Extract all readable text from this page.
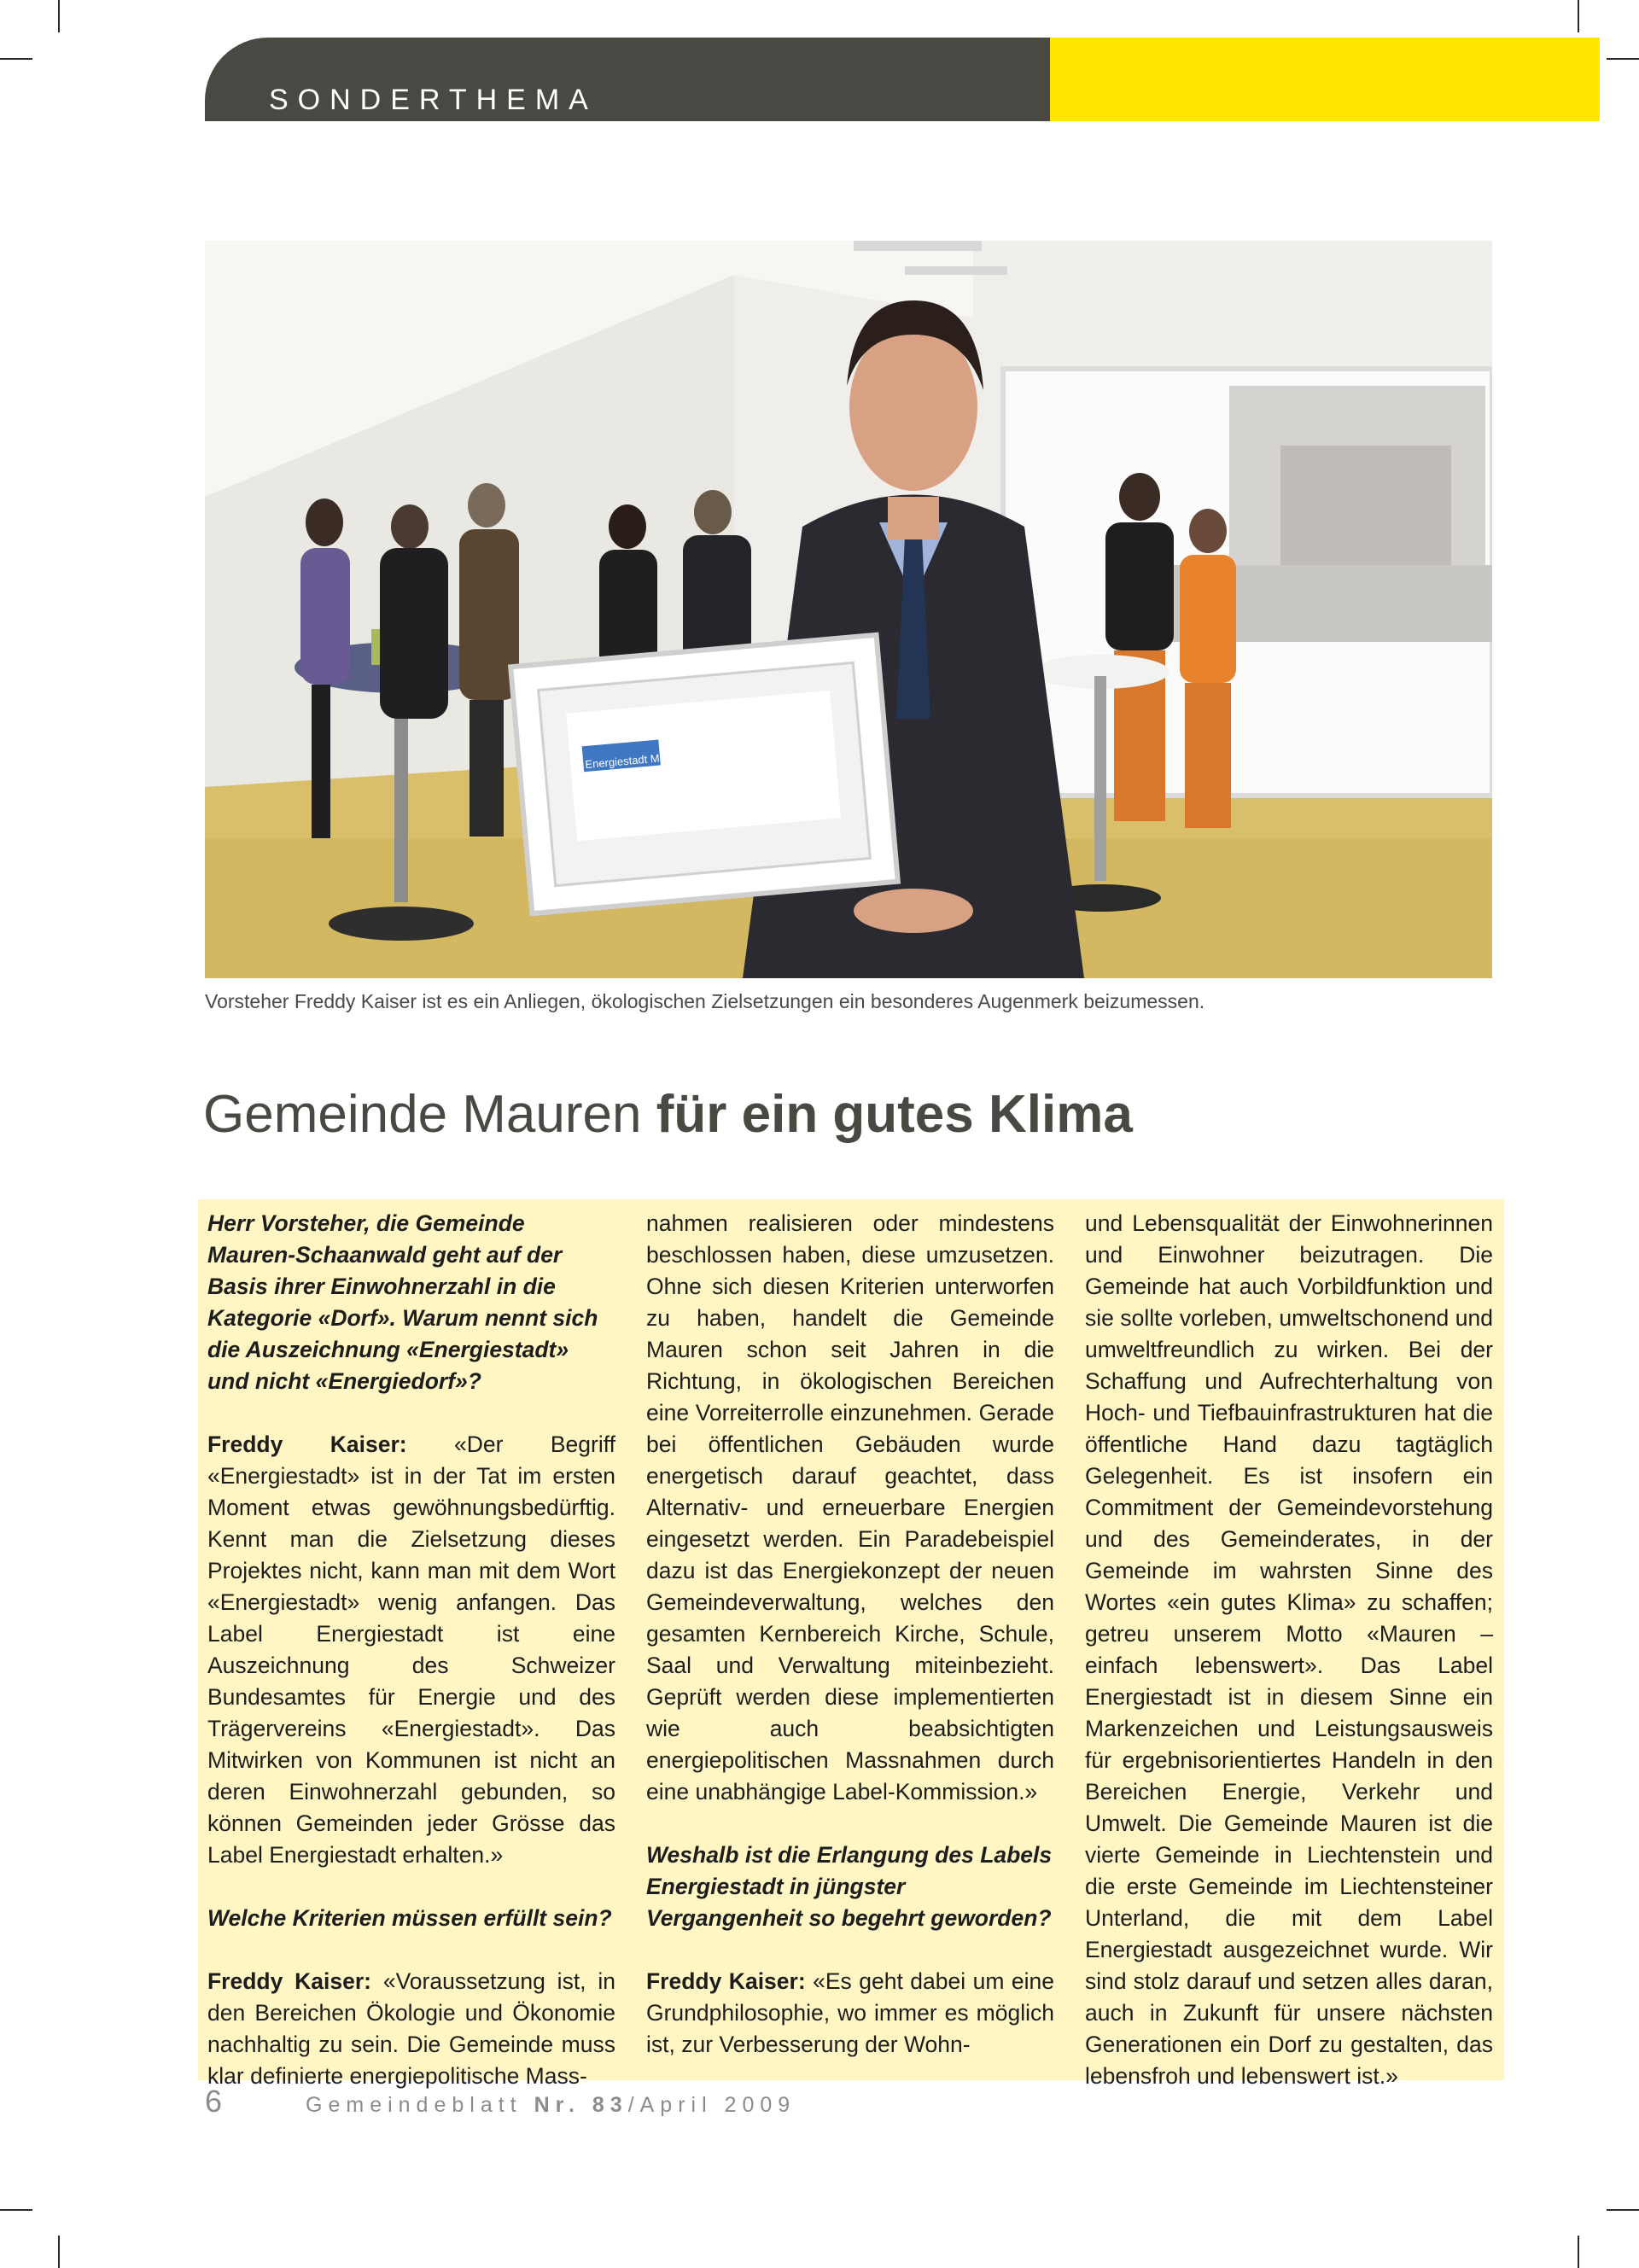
SONDERTHEMA
Energiestadt Mauren
Vorsteher Freddy Kaiser ist es ein Anliegen, ökologischen Zielsetzungen ein besonderes Augenmerk beizumessen.
Gemeinde Mauren für ein gutes Klima

Herr Vorsteher, die Gemeinde Mauren-Schaanwald geht auf der Basis ihrer Einwohnerzahl in die Kategorie «Dorf». Warum nennt sich die Auszeichnung «Energiestadt» und nicht «Energiedorf»?

Freddy Kaiser: «Der Begriff «Energiestadt» ist in der Tat im ersten Moment etwas gewöhnungsbedürftig. Kennt man die Zielsetzung dieses Projektes nicht, kann man mit dem Wort «Energiestadt» wenig anfangen. Das Label Energiestadt ist eine Auszeichnung des Schweizer Bundesamtes für Energie und des Trägervereins «Energiestadt». Das Mitwirken von Kommunen ist nicht an deren Einwohnerzahl gebunden, so können Gemeinden jeder Grösse das Label Energiestadt erhalten.»

Welche Kriterien müssen erfüllt sein?

Freddy Kaiser: «Voraussetzung ist, in den Bereichen Ökologie und Ökonomie nachhaltig zu sein. Die Gemeinde muss klar definierte energiepolitische Mass-

nahmen realisieren oder mindestens beschlossen haben, diese umzusetzen. Ohne sich diesen Kriterien unterworfen zu haben, handelt die Gemeinde Mauren schon seit Jahren in die Richtung, in ökologischen Bereichen eine Vorreiterrolle einzunehmen. Gerade bei öffentlichen Gebäuden wurde energetisch darauf geachtet, dass Alternativ- und erneuerbare Energien eingesetzt werden. Ein Paradebeispiel dazu ist das Energiekonzept der neuen Gemeindeverwaltung, welches den gesamten Kernbereich Kirche, Schule, Saal und Verwaltung miteinbezieht. Geprüft werden diese implementierten wie auch beabsichtigten energiepolitischen Massnahmen durch eine unabhängige Label-Kommission.»

Weshalb ist die Erlangung des Labels Energiestadt in jüngster Vergangenheit so begehrt geworden?

Freddy Kaiser: «Es geht dabei um eine Grundphilosophie, wo immer es möglich ist, zur Verbesserung der Wohn-

und Lebensqualität der Einwohnerinnen und Einwohner beizutragen. Die Gemeinde hat auch Vorbildfunktion und sie sollte vorleben, umweltschonend und umweltfreundlich zu wirken. Bei der Schaffung und Aufrechterhaltung von Hoch- und Tiefbauinfrastrukturen hat die öffentliche Hand dazu tagtäglich Gelegenheit. Es ist insofern ein Commitment der Gemeindevorstehung und des Gemeinderates, in der Gemeinde im wahrsten Sinne des Wortes «ein gutes Klima» zu schaffen; getreu unserem Motto «Mauren – einfach lebenswert». Das Label Energiestadt ist in diesem Sinne ein Markenzeichen und Leistungsausweis für ergebnisorientiertes Handeln in den Bereichen Energie, Verkehr und Umwelt. Die Gemeinde Mauren ist die vierte Gemeinde in Liechtenstein und die erste Gemeinde im Liechtensteiner Unterland, die mit dem Label Energiestadt ausgezeichnet wurde. Wir sind stolz darauf und setzen alles daran, auch in Zukunft für unsere nächsten Generationen ein Dorf zu gestalten, das lebensfroh und lebenswert ist.»

6	Gemeindeblatt Nr. 83/April 2009
